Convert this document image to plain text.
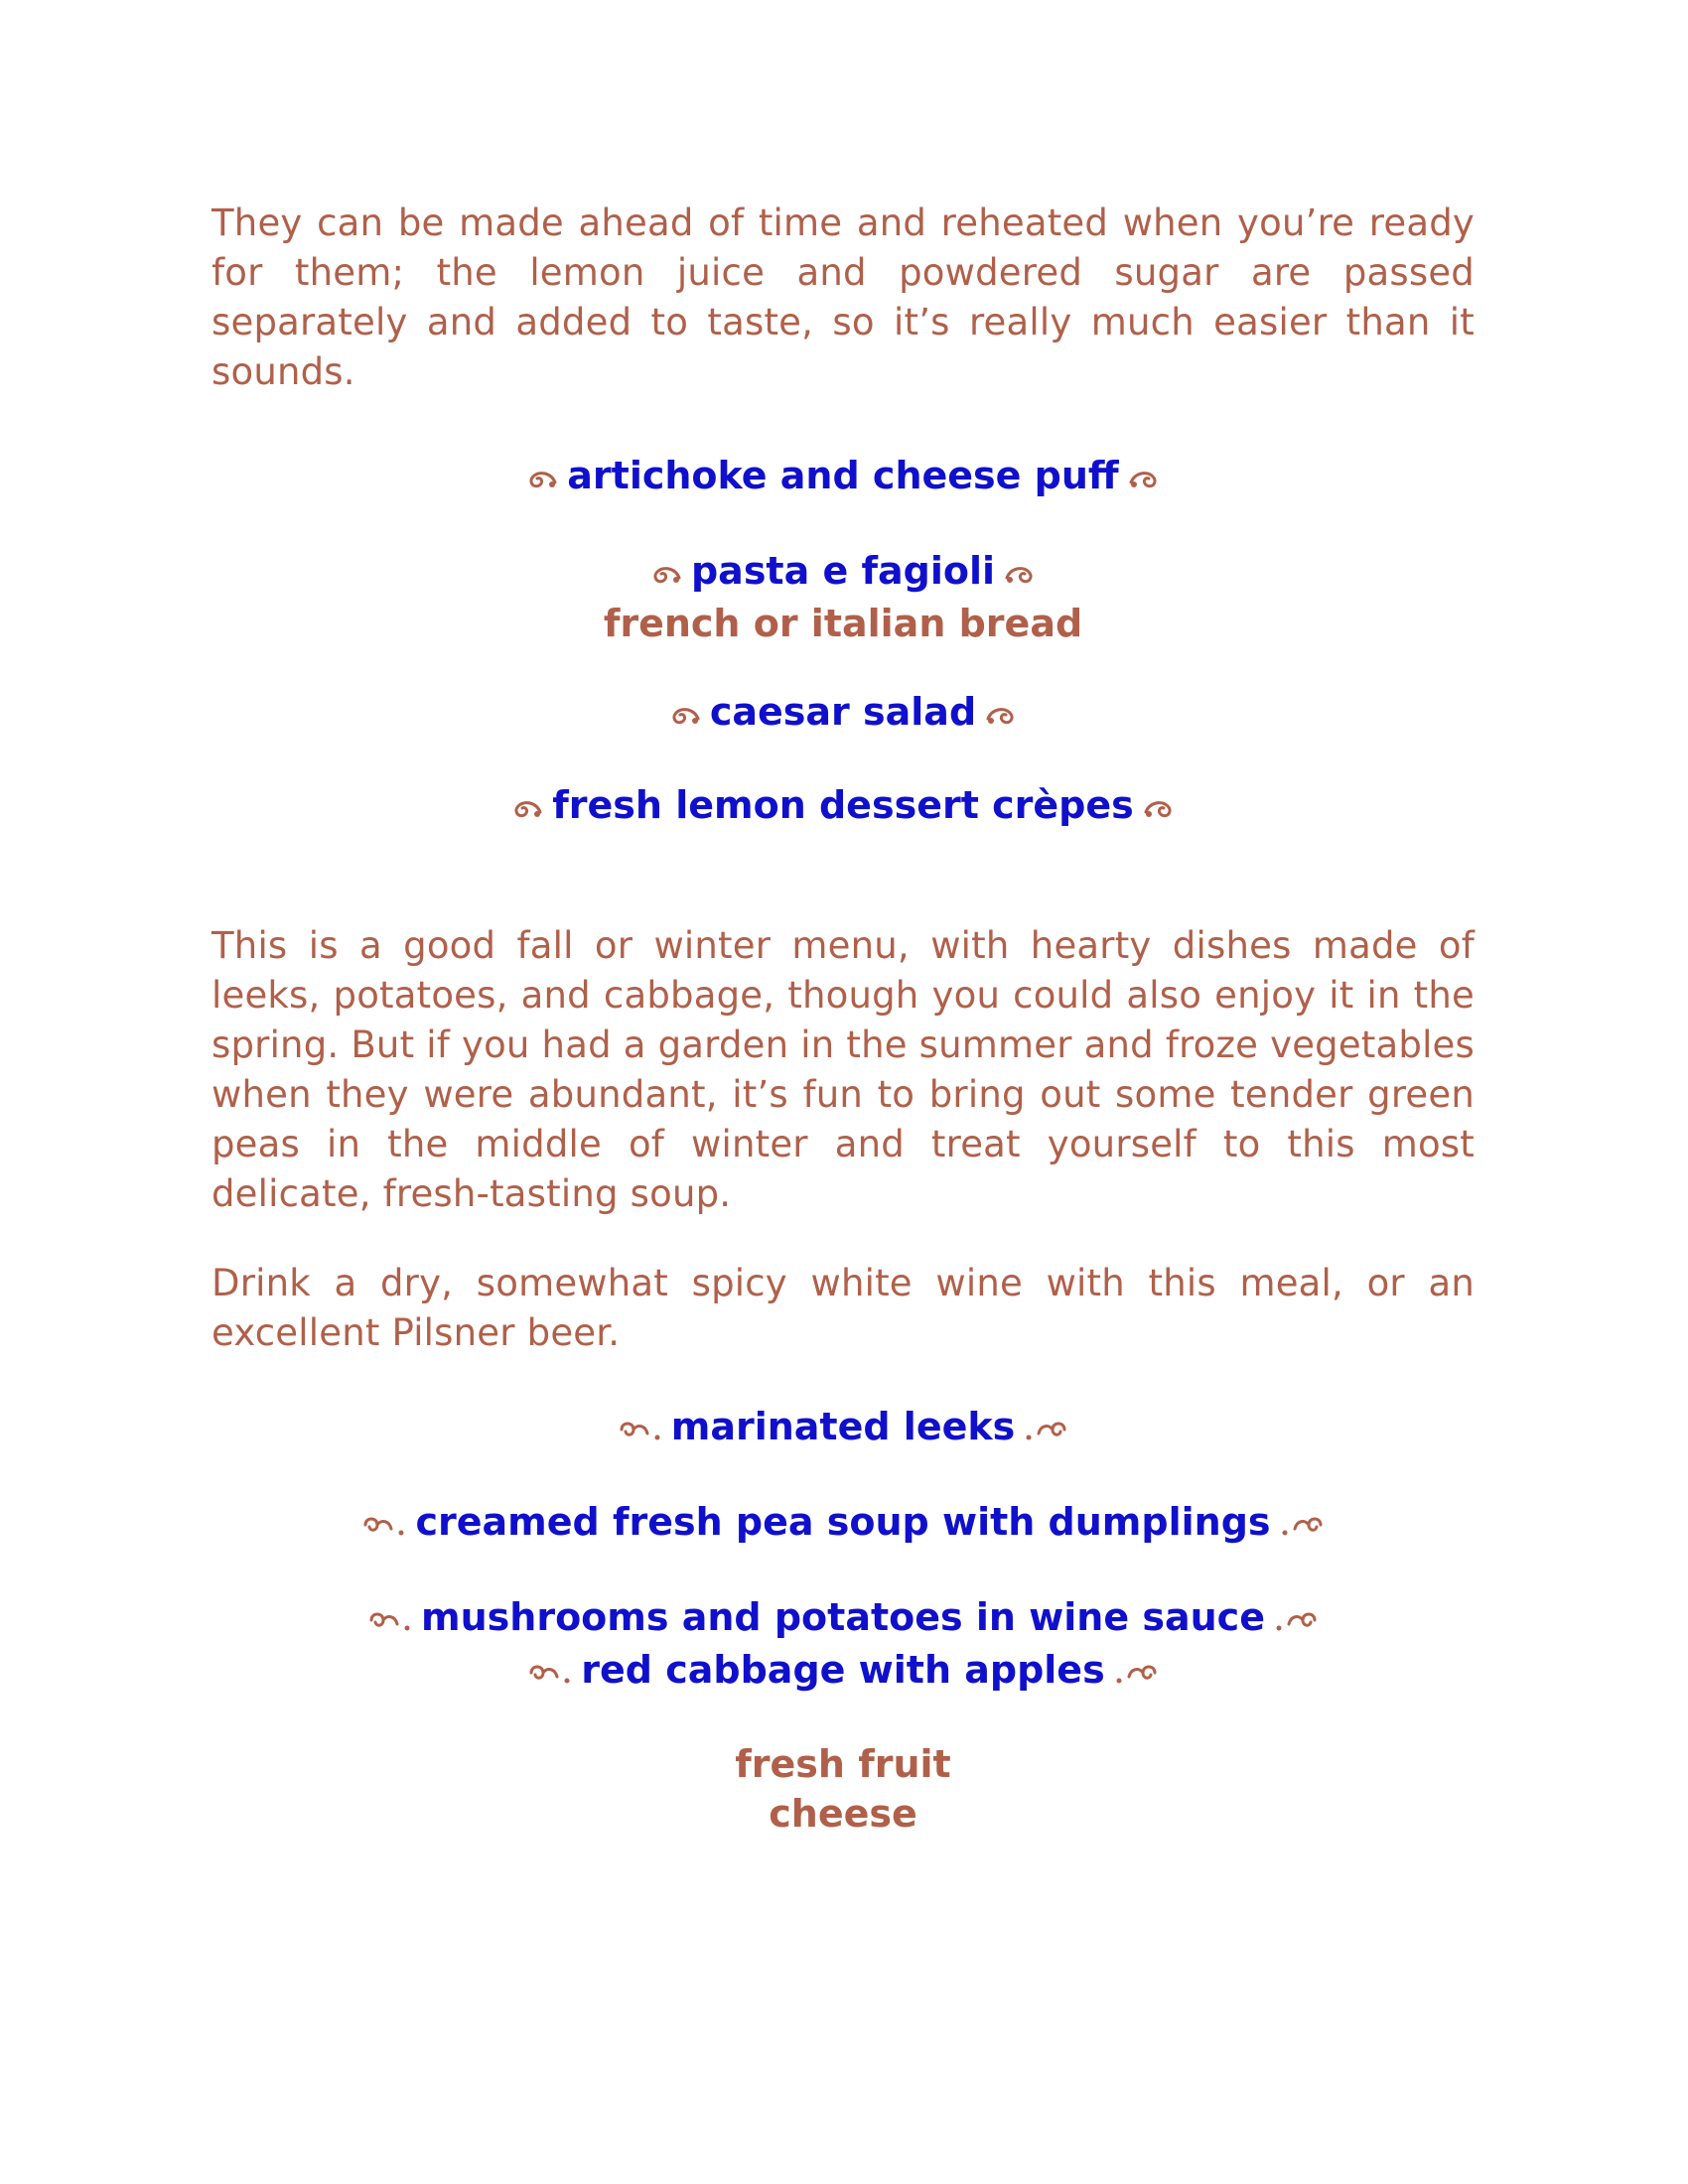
They can be made ahead of time and reheated when you’re ready for them; the lemon juice and powdered sugar are passed separately and added to taste, so it’s really much easier than it sounds.

artichoke and cheese puff
pasta e fagioli
french or italian bread
caesar salad
fresh lemon dessert crèpes

This is a good fall or winter menu, with hearty dishes made of leeks, potatoes, and cabbage, though you could also enjoy it in the spring. But if you had a garden in the summer and froze vegetables when they were abundant, it’s fun to bring out some tender green peas in the middle of winter and treat yourself to this most delicate, fresh-tasting soup.

Drink a dry, somewhat spicy white wine with this meal, or an excellent Pilsner beer.

marinated leeks
creamed fresh pea soup with dumplings
mushrooms and potatoes in wine sauce
red cabbage with apples
fresh fruit
cheese
